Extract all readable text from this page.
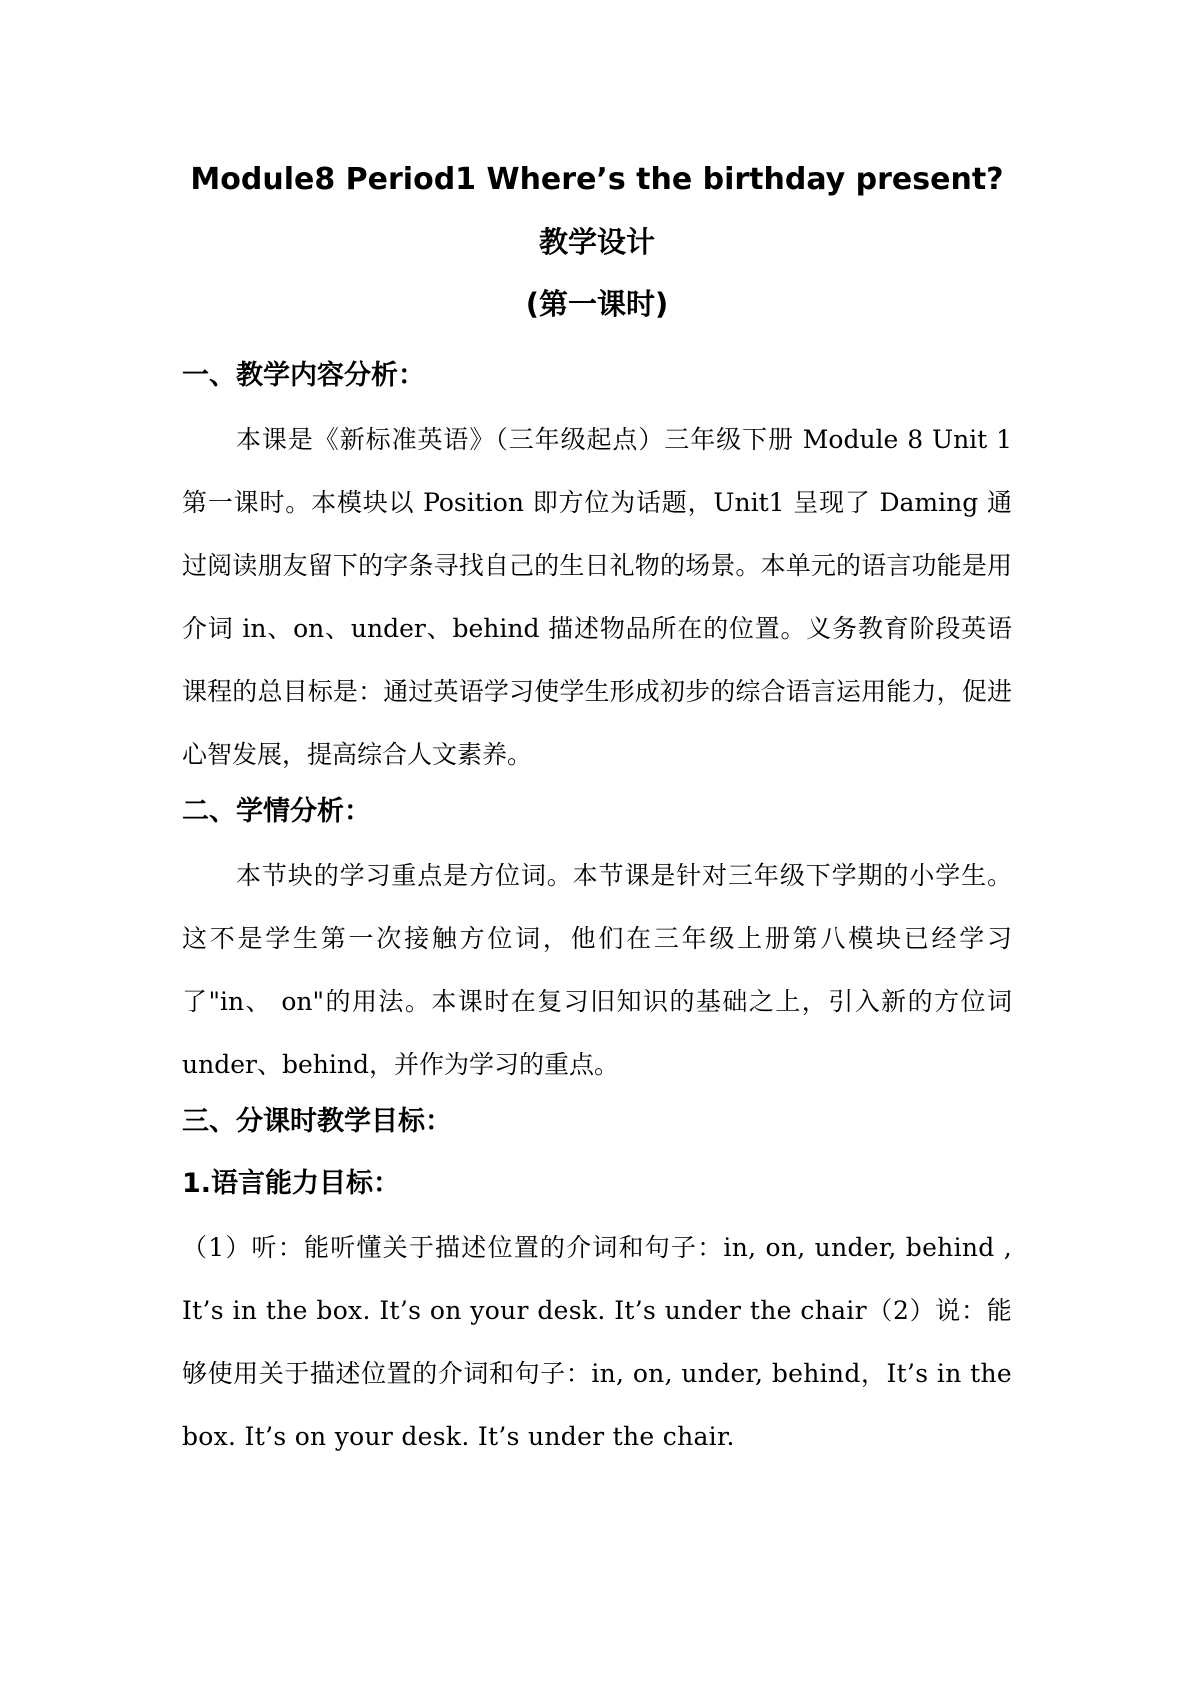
Module8 Period1 Where’s the birthday present?
教学设计
(第一课时)
一、教学内容分析：

本课是《新标准英语》（三年级起点）三年级下册 Module 8 Unit 1 第一课时。本模块以 Position 即方位为话题，Unit1 呈现了 Daming 通过阅读朋友留下的字条寻找自己的生日礼物的场景。本单元的语言功能是用介词 in、on、under、behind 描述物品所在的位置。义务教育阶段英语课程的总目标是：通过英语学习使学生形成初步的综合语言运用能力，促进心智发展，提高综合人文素养。

二、学情分析：

本节块的学习重点是方位词。本节课是针对三年级下学期的小学生。 这不是学生第一次接触方位词，他们在三年级上册第八模块已经学习了"in、 on"的用法。本课时在复习旧知识的基础之上，引入新的方位词 under、behind，并作为学习的重点。

三、分课时教学目标：
1.语言能力目标：

（1）听：能听懂关于描述位置的介词和句子：in, on, under, behind , It’s in the box. It’s on your desk. It’s under the chair（2）说：能够使用关于描述位置的介词和句子：in, on, under, behind，It’s in the box. It’s on your desk. It’s under the chair.
